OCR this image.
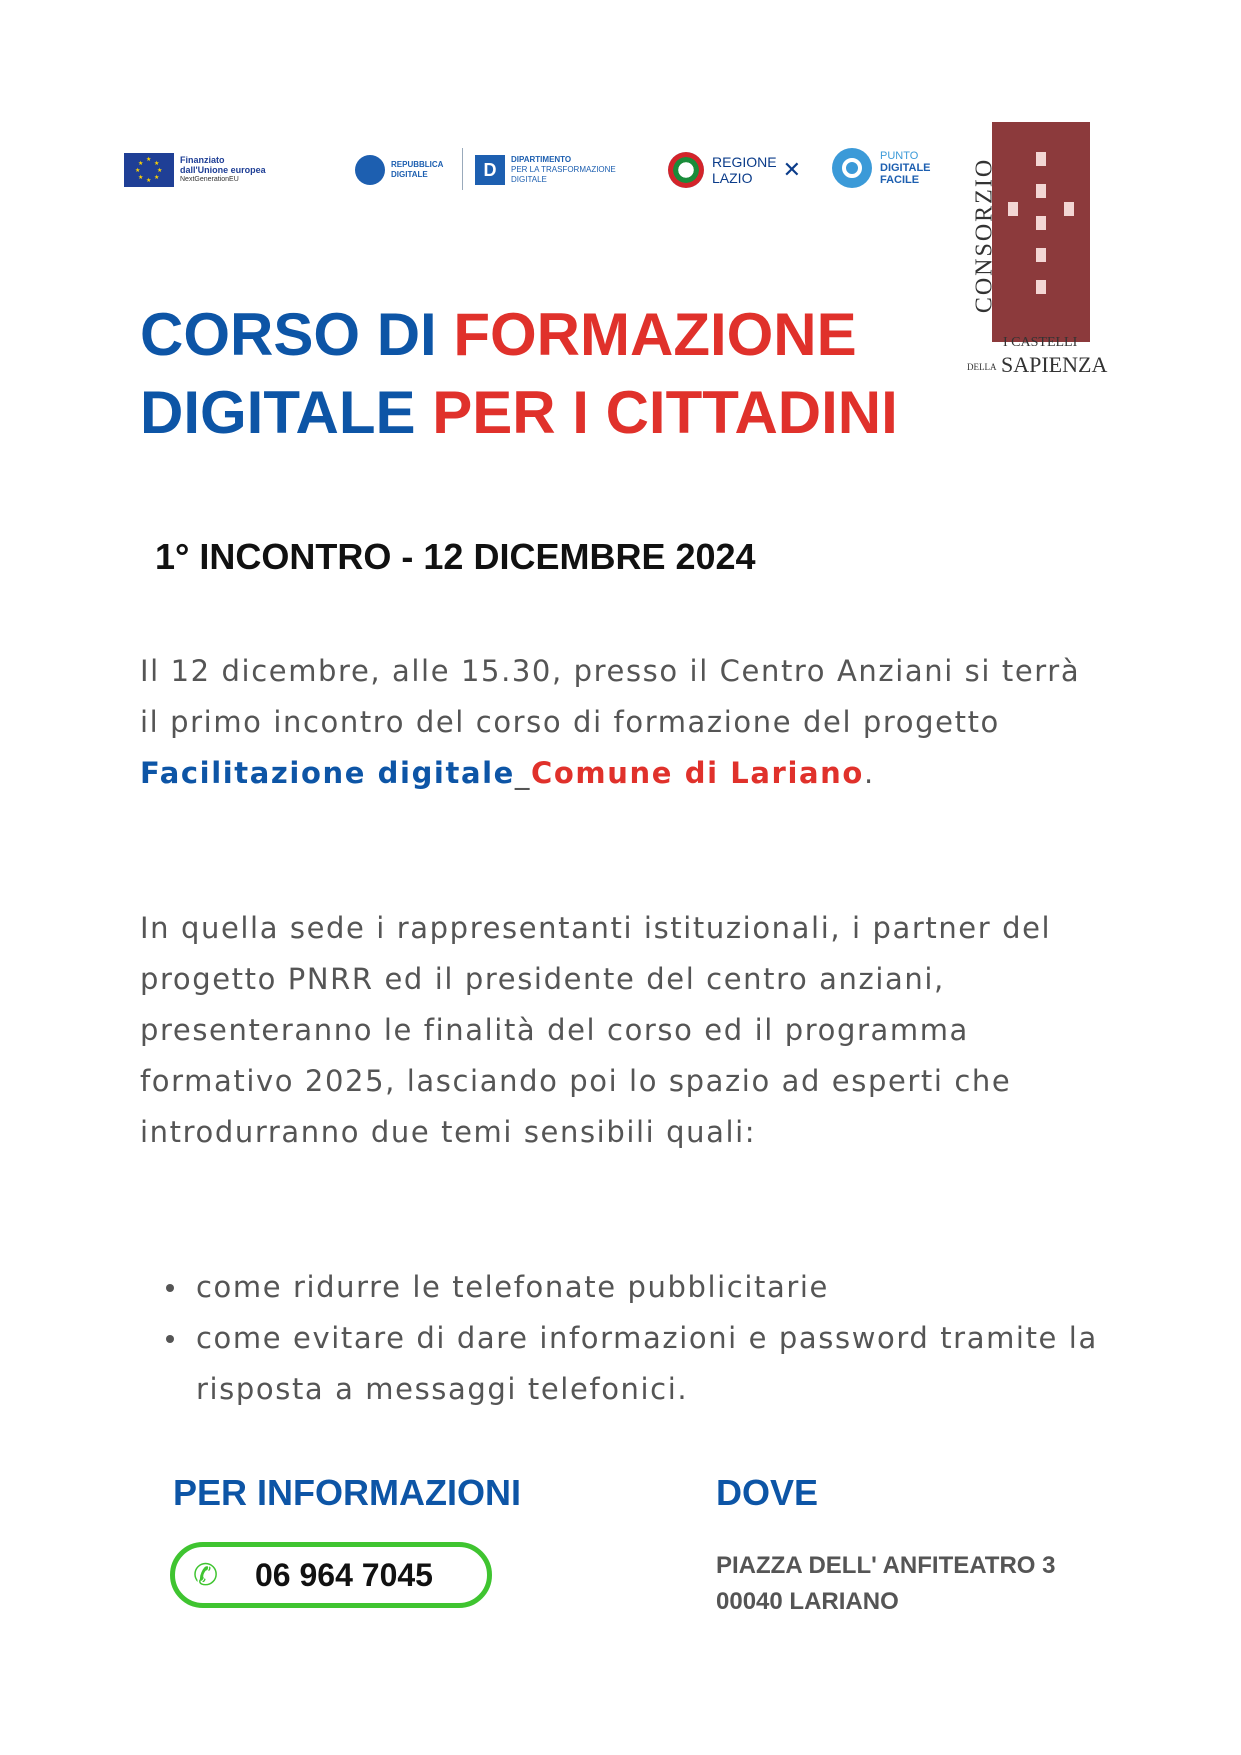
★
★
★
★
★
★
★
★	Finanziato
dall'Unione europea
NextGenerationEU
REPUBBLICA
DIGITALE	D	DIPARTIMENTO
PER LA TRASFORMAZIONE
DIGITALE
REGIONE
LAZIO	✕
PUNTO
DIGITALE
FACILE	CONSORZIO
I CASTELLI
DELLA SAPIENZA
CORSO DI FORMAZIONE
DIGITALE PER I CITTADINI
1° INCONTRO - 12 DICEMBRE 2024
Il 12 dicembre, alle 15.30, presso il Centro Anziani si terrà il primo incontro del corso di formazione del progetto Facilitazione digitale_Comune di Lariano.
In quella sede i rappresentanti istituzionali, i partner del progetto PNRR ed il presidente del centro anziani, presenteranno le finalità del corso ed il programma formativo 2025, lasciando poi lo spazio ad esperti che introdurranno due temi sensibili quali:
come ridurre le telefonate pubblicitarie
come evitare di dare informazioni e password tramite la risposta a messaggi telefonici.
PER INFORMAZIONI	DOVE
✆	06 964 7045	PIAZZA DELL' ANFITEATRO 3
00040 LARIANO
